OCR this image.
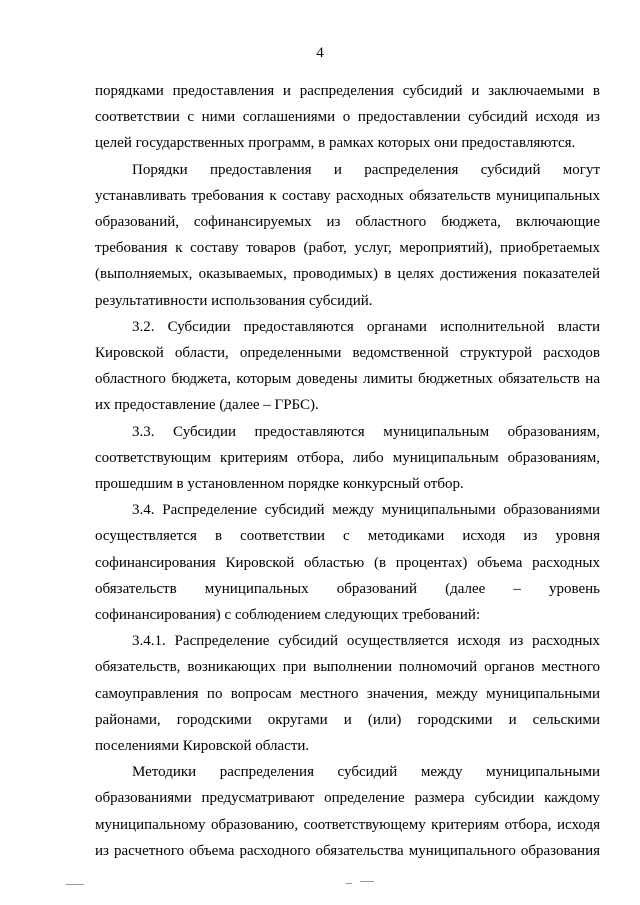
4
порядками предоставления и распределения субсидий и заключаемыми в
соответствии с ними соглашениями о предоставлении субсидий исходя из
целей государственных программ, в рамках которых они предоставляются.
Порядки предоставления и распределения субсидий могут
устанавливать требования к составу расходных обязательств муниципальных
образований, софинансируемых из областного бюджета, включающие
требования к составу товаров (работ, услуг, мероприятий), приобретаемых
(выполняемых, оказываемых, проводимых) в целях достижения показателей
результативности использования субсидий.
3.2. Субсидии предоставляются органами исполнительной власти
Кировской области, определенными ведомственной структурой расходов
областного бюджета, которым доведены лимиты бюджетных обязательств на
их предоставление (далее – ГРБС).
3.3. Субсидии предоставляются муниципальным образованиям,
соответствующим критериям отбора, либо муниципальным образованиям,
прошедшим в установленном порядке конкурсный отбор.
3.4. Распределение субсидий между муниципальными образованиями
осуществляется в соответствии с методиками исходя из уровня
софинансирования Кировской областью (в процентах) объема расходных
обязательств муниципальных образований (далее – уровень
софинансирования) с соблюдением следующих требований:
3.4.1. Распределение субсидий осуществляется исходя из расходных
обязательств, возникающих при выполнении полномочий органов местного
самоуправления по вопросам местного значения, между муниципальными
районами, городскими округами и (или) городскими и сельскими
поселениями Кировской области.
Методики распределения субсидий между муниципальными
образованиями предусматривают определение размера субсидии каждому
муниципальному образованию, соответствующему критериям отбора, исходя
из расчетного объема расходного обязательства муниципального образования
